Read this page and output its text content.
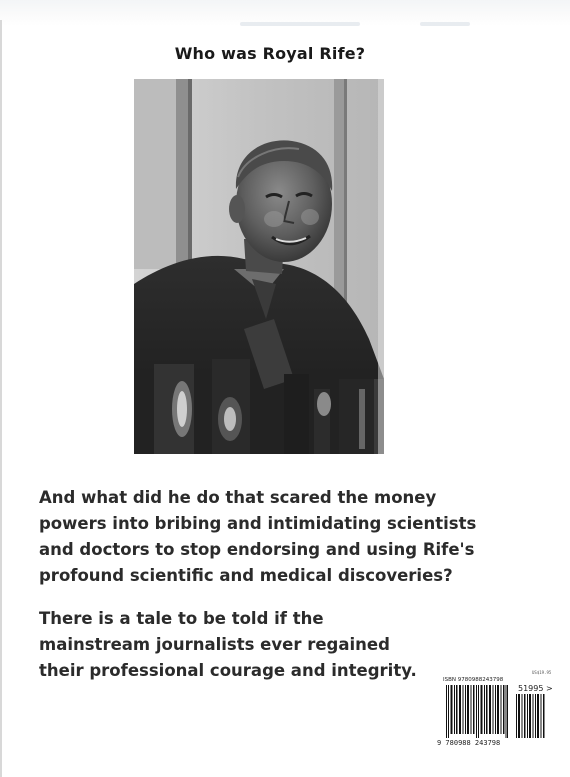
Who was Royal Rife?
And what did he do that scared the money powers into bribing and intimidating scientists and doctors to stop endorsing and using Rife's profound scientific and medical discoveries?
There is a tale to be told if the mainstream journalists ever regained their professional courage and integrity.	US$19.95
ISBN 9780988243798
51995 >
9 780988 243798
